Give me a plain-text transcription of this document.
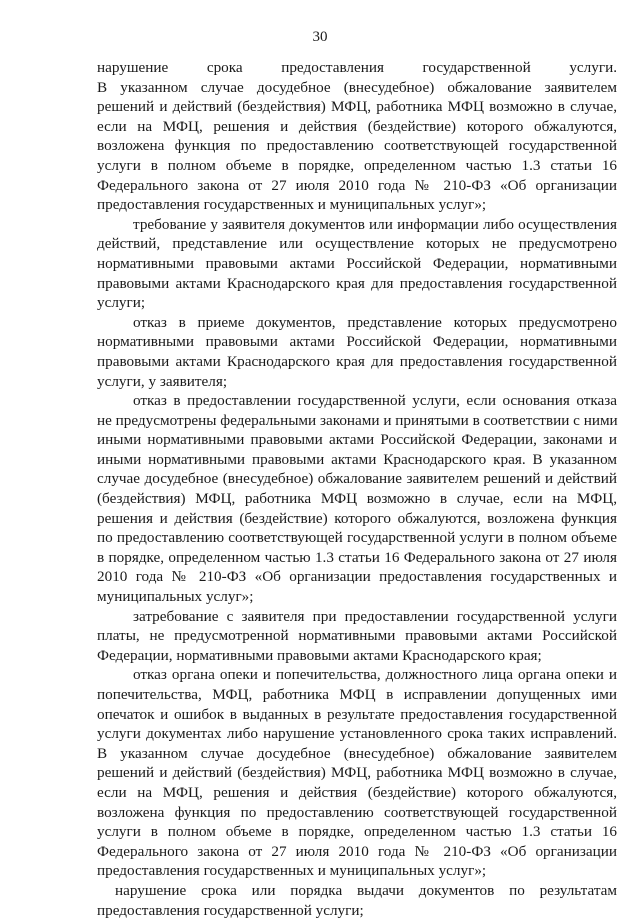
30
нарушение срока предоставления государственной услуги.
В указанном случае досудебное (внесудебное) обжалование заявителем
решений и действий (бездействия) МФЦ, работника МФЦ возможно в случае,
если на МФЦ, решения и действия (бездействие) которого обжалуются,
возложена функция по предоставлению соответствующей государственной
услуги в полном объеме в порядке, определенном частью 1.3 статьи 16
Федерального закона от 27 июля 2010 года № 210-ФЗ «Об организации
предоставления государственных и муниципальных услуг»;
требование у заявителя документов или информации либо осуществления
действий, представление или осуществление которых не предусмотрено
нормативными правовыми актами Российской Федерации, нормативными
правовыми актами Краснодарского края для предоставления государственной
услуги;
отказ в приеме документов, представление которых предусмотрено
нормативными правовыми актами Российской Федерации, нормативными
правовыми актами Краснодарского края для предоставления государственной
услуги, у заявителя;
отказ в предоставлении государственной услуги, если основания отказа
не предусмотрены федеральными законами и принятыми в соответствии с ними
иными нормативными правовыми актами Российской Федерации, законами и
иными нормативными правовыми актами Краснодарского края. В указанном
случае досудебное (внесудебное) обжалование заявителем решений и действий
(бездействия) МФЦ, работника МФЦ возможно в случае, если на МФЦ,
решения и действия (бездействие) которого обжалуются, возложена функция
по предоставлению соответствующей государственной услуги в полном объеме
в порядке, определенном частью 1.3 статьи 16 Федерального закона от 27 июля
2010 года № 210-ФЗ «Об организации предоставления государственных и
муниципальных услуг»;
затребование с заявителя при предоставлении государственной услуги
платы, не предусмотренной нормативными правовыми актами Российской
Федерации, нормативными правовыми актами Краснодарского края;
отказ органа опеки и попечительства, должностного лица органа опеки и
попечительства, МФЦ, работника МФЦ в исправлении допущенных ими
опечаток и ошибок в выданных в результате предоставления государственной
услуги документах либо нарушение установленного срока таких исправлений.
В указанном случае досудебное (внесудебное) обжалование заявителем
решений и действий (бездействия) МФЦ, работника МФЦ возможно в случае,
если на МФЦ, решения и действия (бездействие) которого обжалуются,
возложена функция по предоставлению соответствующей государственной
услуги в полном объеме в порядке, определенном частью 1.3 статьи 16
Федерального закона от 27 июля 2010 года № 210-ФЗ «Об организации
предоставления государственных и муниципальных услуг»;
нарушение срока или порядка выдачи документов по результатам
предоставления государственной услуги;
